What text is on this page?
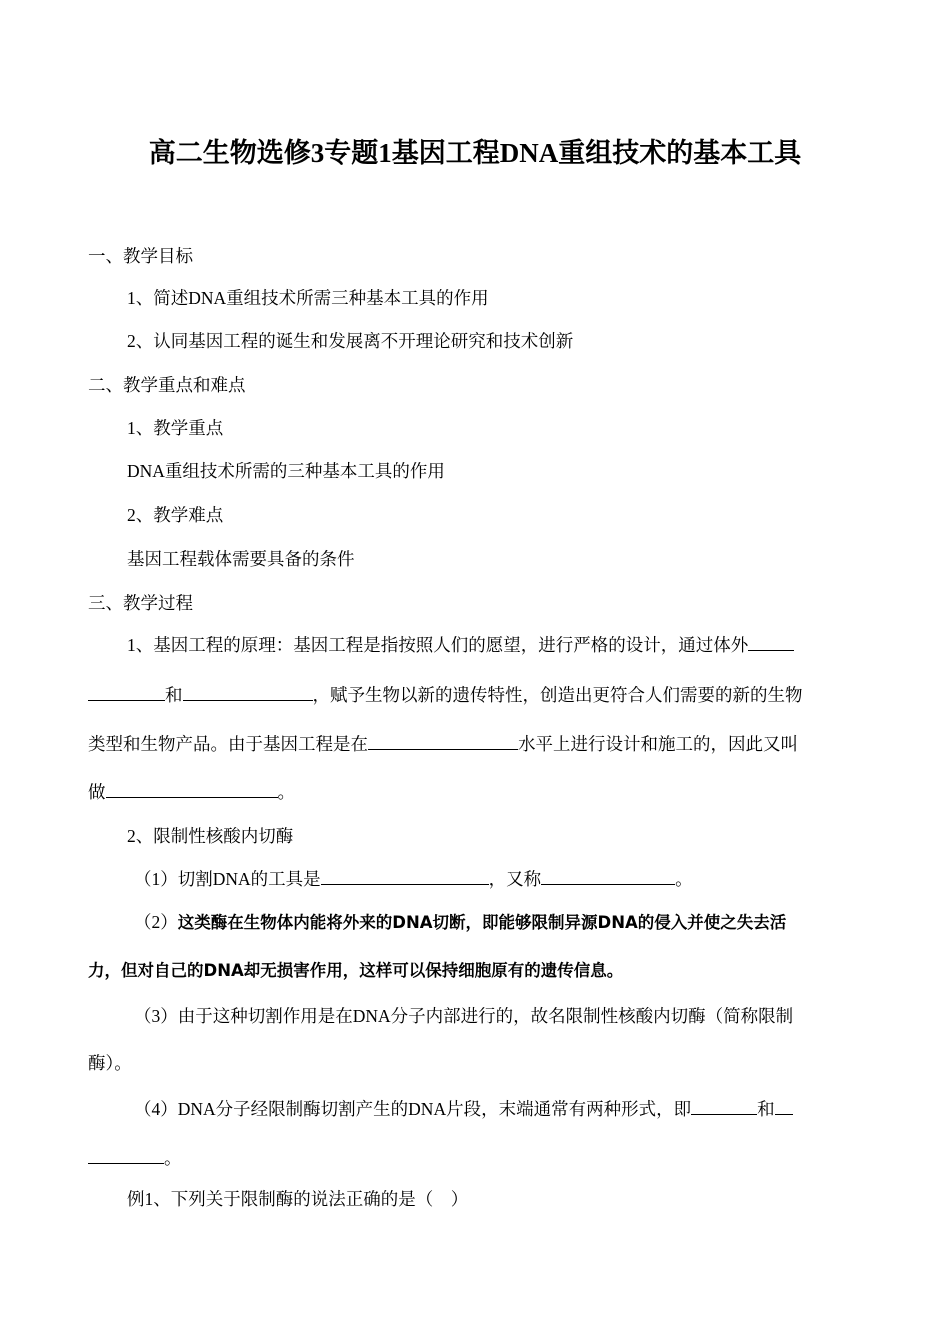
高二生物选修3专题1基因工程DNA重组技术的基本工具
一、教学目标
1、简述DNA重组技术所需三种基本工具的作用
2、认同基因工程的诞生和发展离不开理论研究和技术创新
二、教学重点和难点
1、教学重点
DNA重组技术所需的三种基本工具的作用
2、教学难点
基因工程载体需要具备的条件
三、教学过程
1、基因工程的原理：基因工程是指按照人们的愿望，进行严格的设计，通过体外
和	，赋予生物以新的遗传特性，创造出更符合人们需要的新的生物
类型和生物产品。由于基因工程是在	水平上进行设计和施工的，因此又叫
做	。
2、限制性核酸内切酶
（1）切割DNA的工具是	，又称	。
（2）这类酶在生物体内能将外来的DNA切断，即能够限制异源DNA的侵入并使之失去活
力，但对自己的DNA却无损害作用，这样可以保持细胞原有的遗传信息。
（3）由于这种切割作用是在DNA分子内部进行的，故名限制性核酸内切酶（简称限制
酶）。
（4）DNA分子经限制酶切割产生的DNA片段，末端通常有两种形式，即	和
。
例1、下列关于限制酶的说法正确的是（　）
